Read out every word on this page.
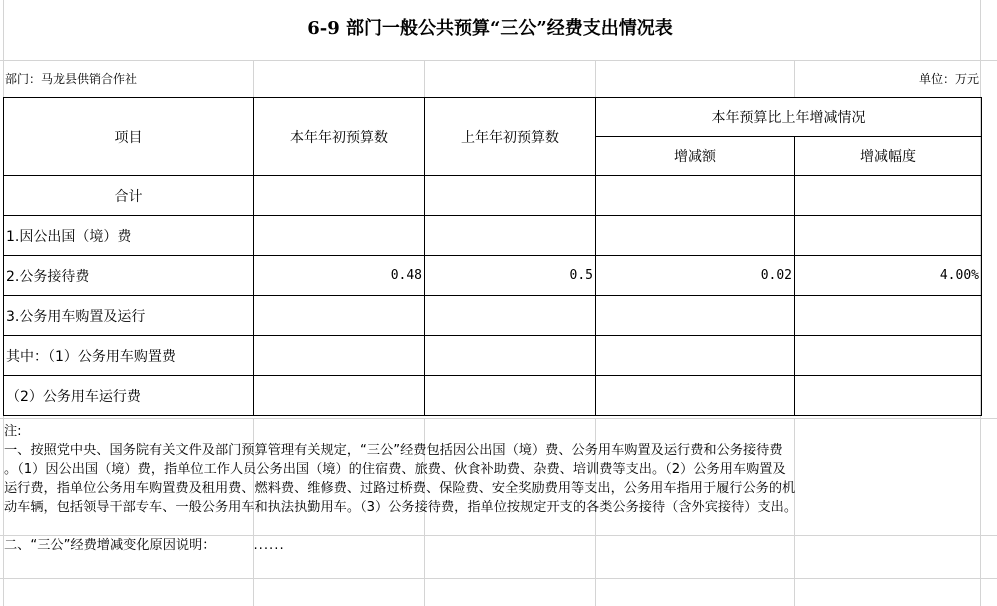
6-9 部门一般公共预算“三公”经费支出情况表
部门：马龙县供销合作社	单位：万元
项目	本年年初预算数	上年年初预算数	本年预算比上年增减情况	
			增减额	增减幅度
合计				
1.因公出国（境）费				
2.公务接待费	0.48	0.5	0.02	4.00%
3.公务用车购置及运行				
其中：（1）公务用车购置费				
（2）公务用车运行费				

注:

一、按照党中央、国务院有关文件及部门预算管理有关规定，“三公”经费包括因公出国（境）费、公务用车购置及运行费和公务接待费

。（1）因公出国（境）费，指单位工作人员公务出国（境）的住宿费、旅费、伙食补助费、杂费、培训费等支出。（2）公务用车购置及

运行费，指单位公务用车购置费及租用费、燃料费、维修费、过路过桥费、保险费、安全奖励费用等支出，公务用车指用于履行公务的机

动车辆，包括领导干部专车、一般公务用车和执法执勤用车。（3）公务接待费，指单位按规定开支的各类公务接待（含外宾接待）支出。

二、“三公”经费增减变化原因说明：	......
